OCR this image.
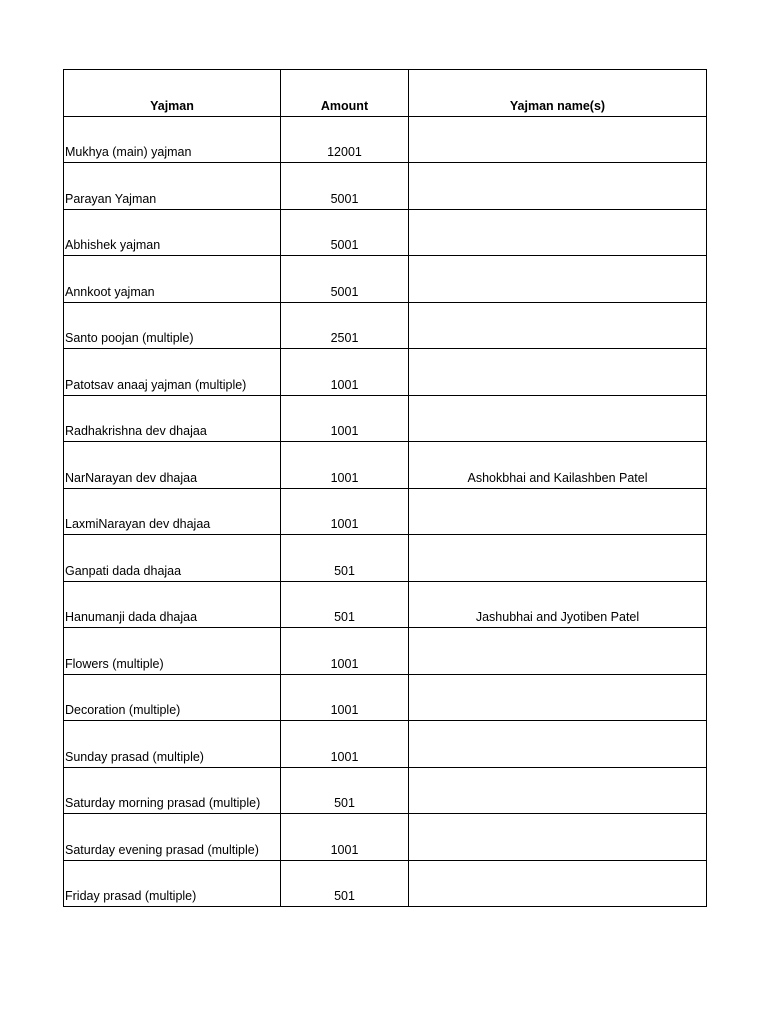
Yajman	Amount	Yajman name(s)
Mukhya (main) yajman	12001	
Parayan Yajman	5001	
Abhishek yajman	5001	
Annkoot yajman	5001	
Santo poojan (multiple)	2501	
Patotsav anaaj yajman (multiple)	1001	
Radhakrishna dev dhajaa	1001	
NarNarayan dev dhajaa	1001	Ashokbhai and Kailashben Patel
LaxmiNarayan dev dhajaa	1001	
Ganpati dada dhajaa	501	
Hanumanji dada dhajaa	501	Jashubhai and Jyotiben Patel
Flowers (multiple)	1001	
Decoration (multiple)	1001	
Sunday prasad (multiple)	1001	
Saturday morning prasad (multiple)	501	
Saturday evening prasad (multiple)	1001	
Friday prasad (multiple)	501	
